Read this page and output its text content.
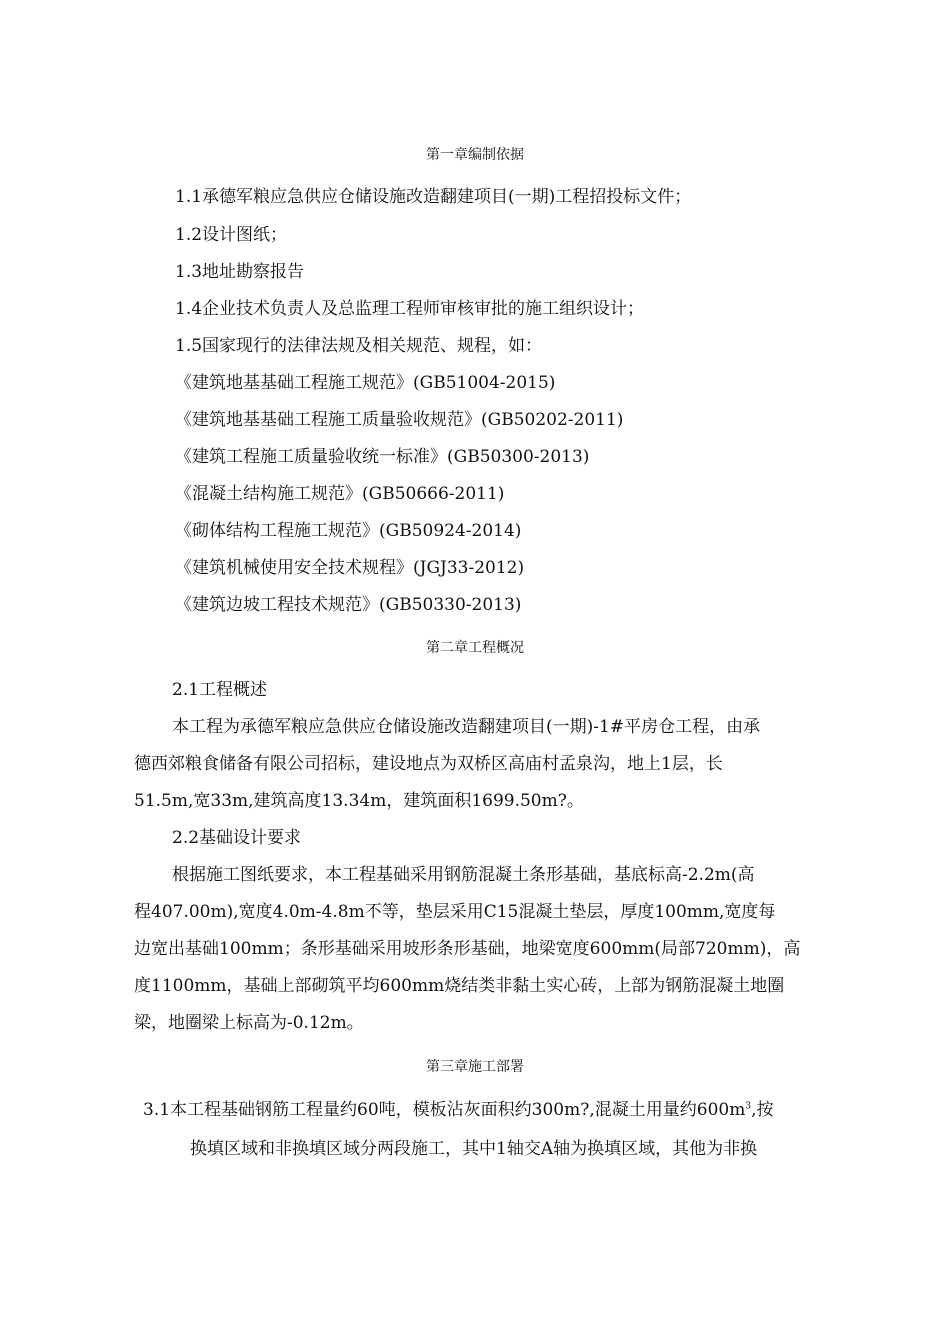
第一章编制依据
1.1承德军粮应急供应仓储设施改造翻建项目(一期)工程招投标文件；
1.2设计图纸；
1.3地址勘察报告
1.4企业技术负责人及总监理工程师审核审批的施工组织设计；
1.5国家现行的法律法规及相关规范、规程，如：
《建筑地基基础工程施工规范》(GB51004-2015)
《建筑地基基础工程施工质量验收规范》(GB50202-2011)
《建筑工程施工质量验收统一标准》(GB50300-2013)
《混凝土结构施工规范》(GB50666-2011)
《砌体结构工程施工规范》(GB50924-2014)
《建筑机械使用安全技术规程》(JGJ33-2012)
《建筑边坡工程技术规范》(GB50330-2013)
第二章工程概况
2.1工程概述
本工程为承德军粮应急供应仓储设施改造翻建项目(一期)-1#平房仓工程，由承
德西郊粮食储备有限公司招标，建设地点为双桥区高庙村孟泉沟，地上1层，长
51.5m,宽33m,建筑高度13.34m，建筑面积1699.50m?。
2.2基础设计要求
根据施工图纸要求，本工程基础采用钢筋混凝土条形基础，基底标高-2.2m(高
程407.00m),宽度4.0m-4.8m不等，垫层采用C15混凝土垫层，厚度100mm,宽度每
边宽出基础100mm；条形基础采用坡形条形基础，地梁宽度600mm(局部720mm)，高
度1100mm，基础上部砌筑平均600mm烧结类非黏土实心砖，上部为钢筋混凝土地圈
梁，地圈梁上标高为-0.12m。
第三章施工部署
3.1本工程基础钢筋工程量约60吨，模板沾灰面积约300m?,混凝土用量约$600m^3$,按
换填区域和非换填区域分两段施工，其中1轴交A轴为换填区域，其他为非换
